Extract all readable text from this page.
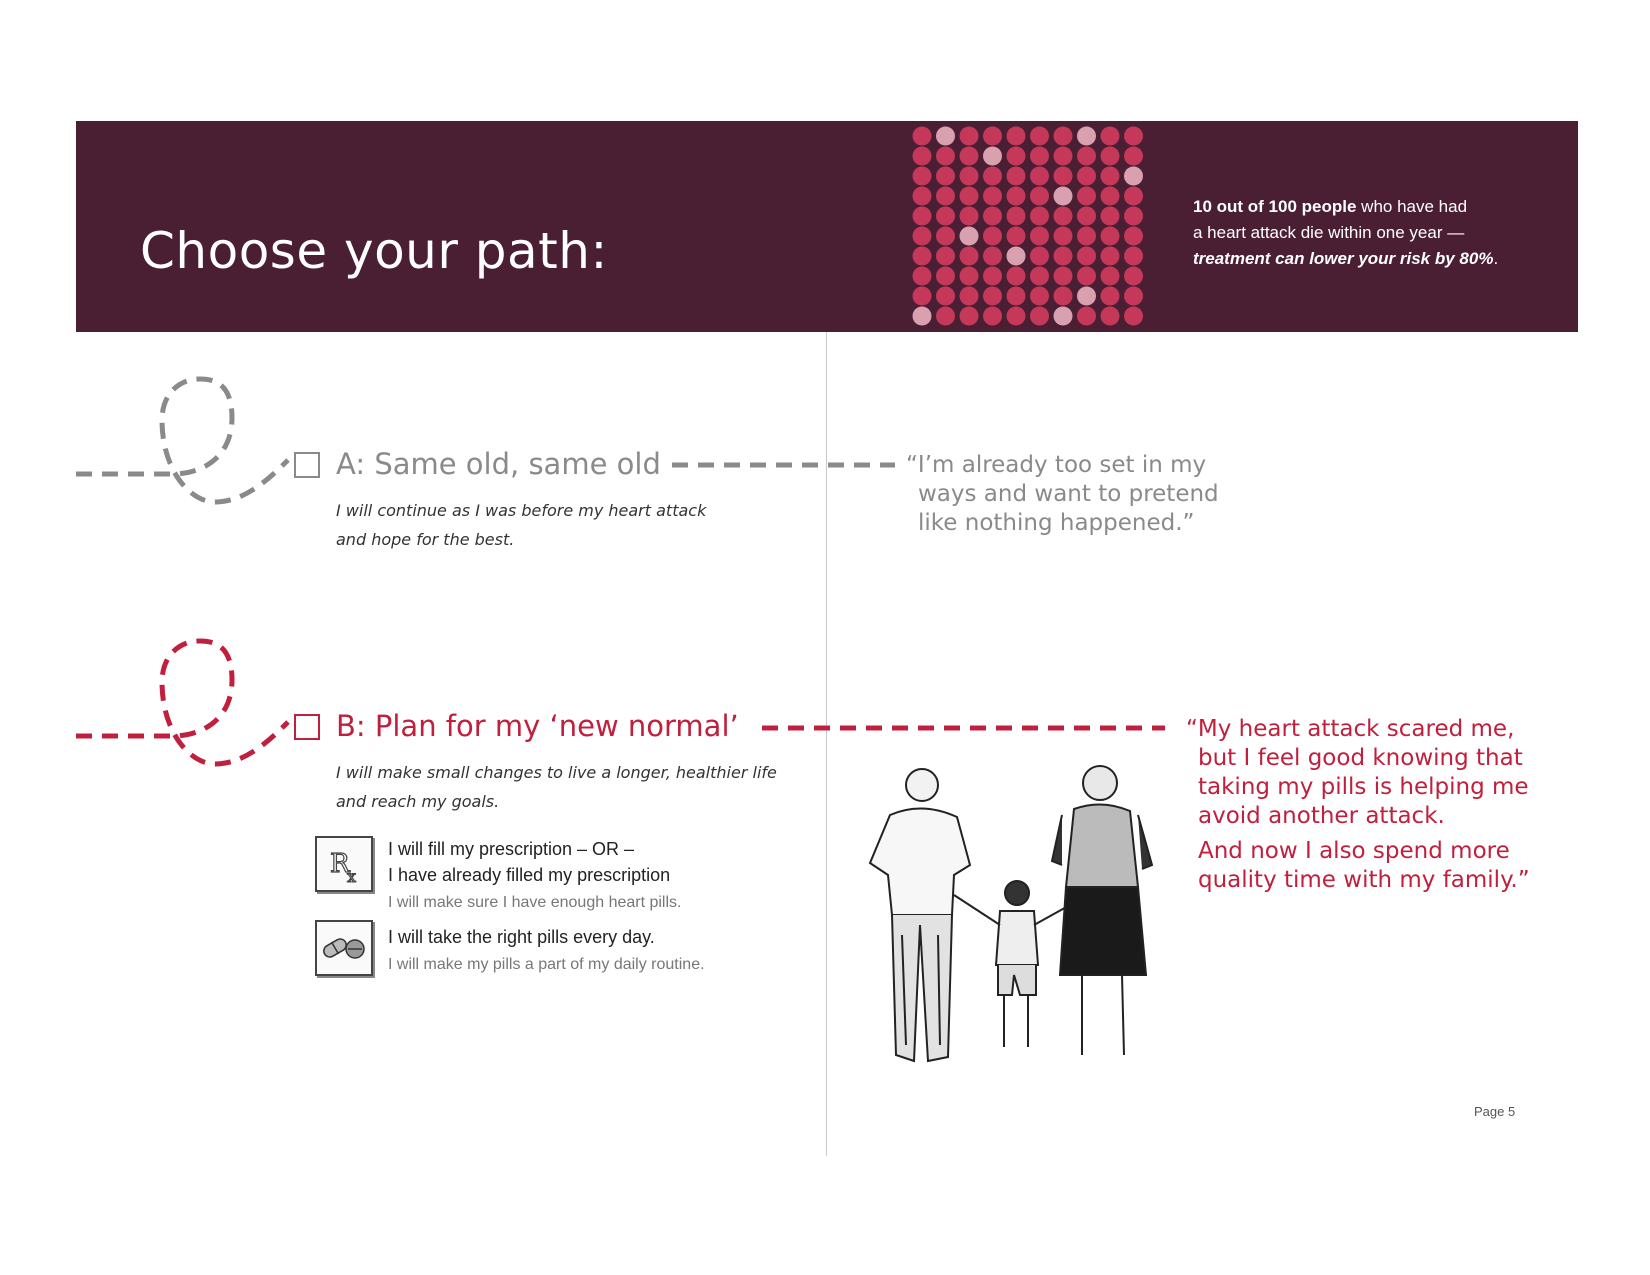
Choose your path:
10 out of 100 people who have had
a heart attack die within one year —
treatment can lower your risk by 80%.
A: Same old, same old
I will continue as I was before my heart attack
and hope for the best.
“I’m already too set in my
ways and want to pretend
like nothing happened.”
B: Plan for my ‘new normal’
I will make small changes to live a longer, healthier life
and reach my goals.
R
x
I will fill my prescription – OR –
I have already filled my prescription
I will make sure I have enough heart pills.
I will take the right pills every day.
I will make my pills a part of my daily routine.
“My heart attack scared me,
but I feel good knowing that
taking my pills is helping me
avoid another attack.

And now I also spend more
quality time with my family.”
Page 5
